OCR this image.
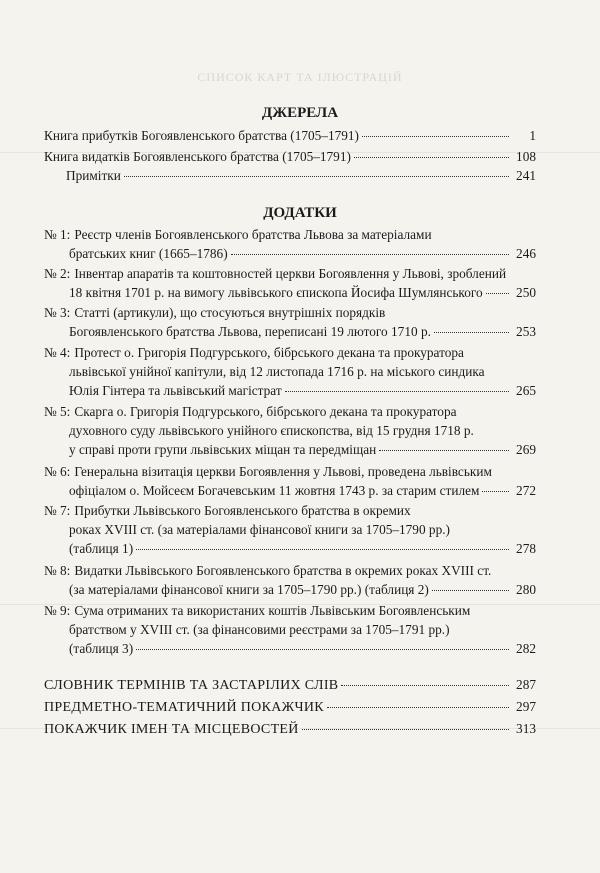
СПИСОК КАРТ ТА ІЛЮСТРАЦІЙ
ДЖЕРЕЛА
Книга прибутків Богоявленського братства (1705–1791)	1
Книга видатків Богоявленського братства (1705–1791)	108
Примітки	241
ДОДАТКИ
№ 1: Реєстр членів Богоявленського братства Львова за матеріалами
братських книг (1665–1786)	246
№ 2: Інвентар апаратів та коштовностей церкви Богоявлення у Львові, зроблений
18 квітня 1701 р. на вимогу львівського єпископа Йосифа Шумлянського	250
№ 3: Статті (артикули), що стосуються внутрішніх порядків
Богоявленського братства Львова, переписані 19 лютого 1710 р.	253
№ 4: Протест о. Григорія Подгурського, бібрського декана та прокуратора
львівської унійної капітули, від 12 листопада 1716 р. на міського синдика
Юлія Гінтера та львівський магістрат	265
№ 5: Скарга о. Григорія Подгурського, бібрського декана та прокуратора
духовного суду львівського унійного єпископства, від 15 грудня 1718 р.
у справі проти групи львівських міщан та передміщан	269
№ 6: Генеральна візитація церкви Богоявлення у Львові, проведена львівським
офіціалом о. Мойсеєм Богачевським 11 жовтня 1743 р. за старим стилем	272
№ 7: Прибутки Львівського Богоявленського братства в окремих
роках XVIII ст. (за матеріалами фінансової книги за 1705–1790 рр.)
(таблиця 1)	278
№ 8: Видатки Львівського Богоявленського братства в окремих роках XVIII ст.
(за матеріалами фінансової книги за 1705–1790 рр.) (таблиця 2)	280
№ 9: Сума отриманих та використаних коштів Львівським Богоявленським
братством у XVIII ст. (за фінансовими реєстрами за 1705–1791 рр.)
(таблиця 3)	282
СЛОВНИК ТЕРМІНІВ ТА ЗАСТАРІЛИХ СЛІВ	287
ПРЕДМЕТНО-ТЕМАТИЧНИЙ ПОКАЖЧИК	297
ПОКАЖЧИК ІМЕН ТА МІСЦЕВОСТЕЙ	313
